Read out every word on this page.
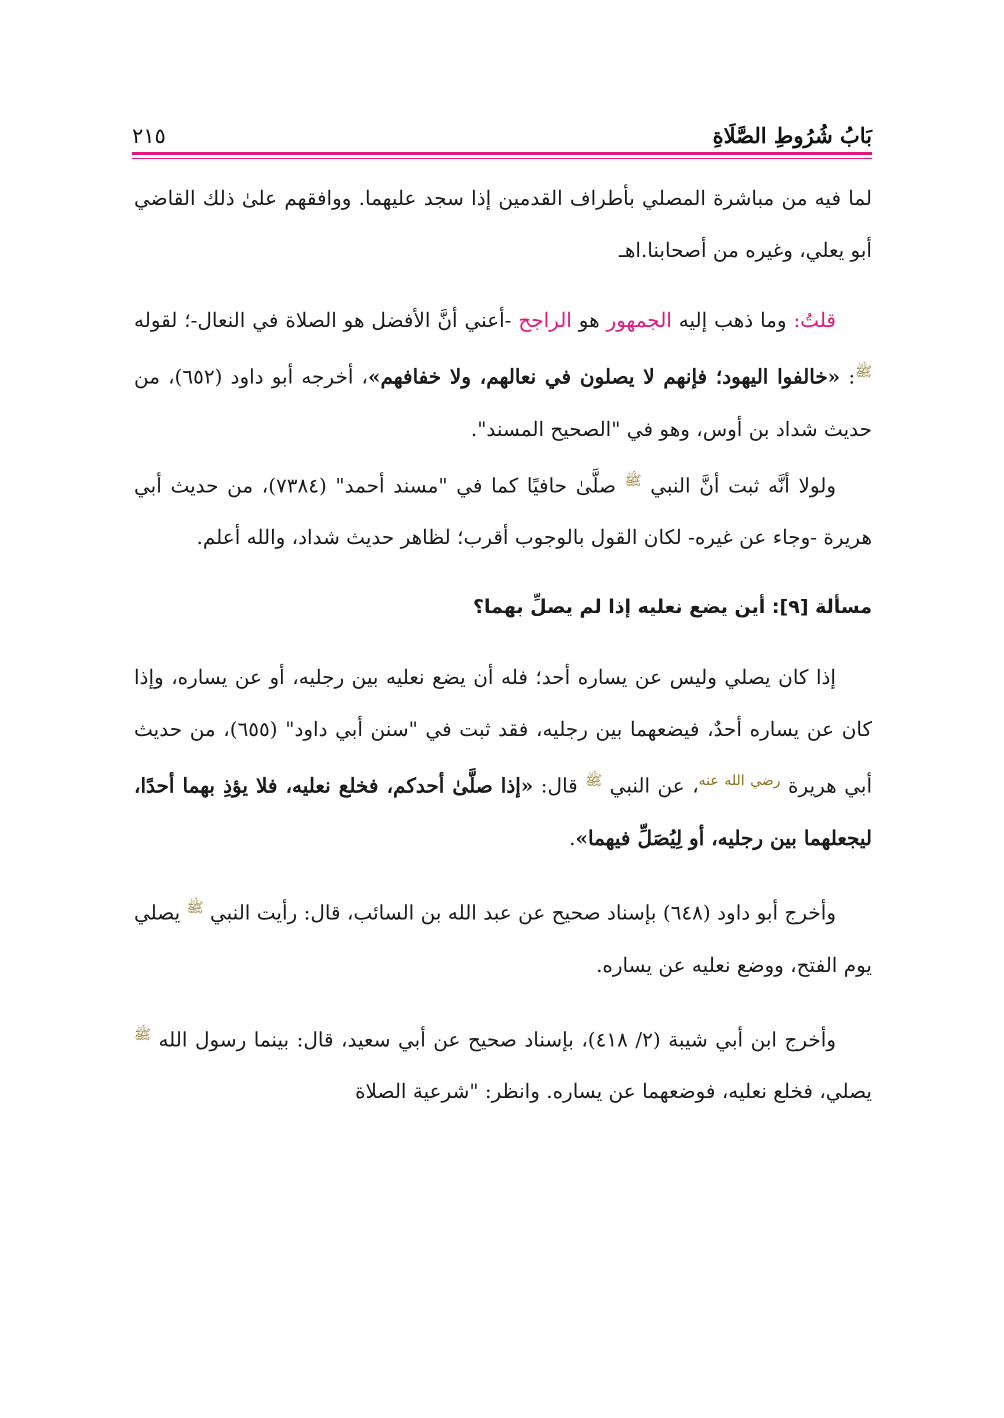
بَابُ شُرُوطِ الصَّلَاةِ
٢١٥

لما فيه من مباشرة المصلي بأطراف القدمين إذا سجد عليهما. ووافقهم علىٰ ذلك القاضي أبو يعلي، وغيره من أصحابنا.اهـ

قلتُ: وما ذهب إليه الجمهور هو الراجح -أعني أنَّ الأفضل هو الصلاة في النعال-؛ لقوله $^ﷺ$: «خالفوا اليهود؛ فإنهم لا يصلون في نعالهم، ولا خفافهم»، أخرجه أبو داود (٦٥٢)، من حديث شداد بن أوس، وهو في "الصحيح المسند".

ولولا أنَّه ثبت أنَّ النبي $^ﷺ$ صلَّىٰ حافيًا كما في "مسند أحمد" (٧٣٨٤)، من حديث أبي هريرة -وجاء عن غيره- لكان القول بالوجوب أقرب؛ لظاهر حديث شداد، والله أعلم.

مسألة [٩]: أين يضع نعليه إذا لم يصلِّ بهما؟

إذا كان يصلي وليس عن يساره أحد؛ فله أن يضع نعليه بين رجليه، أو عن يساره، وإذا كان عن يساره أحدٌ، فيضعهما بين رجليه، فقد ثبت في "سنن أبي داود" (٦٥٥)، من حديث أبي هريرة $^{رضي الله عنه}$، عن النبي $^ﷺ$ قال: «إذا صلَّىٰ أحدكم، فخلع نعليه، فلا يؤذِ بهما أحدًا، ليجعلهما بين رجليه، أو لِيُصَلِّ فيهما».

وأخرج أبو داود (٦٤٨) بإسناد صحيح عن عبد الله بن السائب، قال: رأيت النبي $^ﷺ$ يصلي يوم الفتح، ووضع نعليه عن يساره.

وأخرج ابن أبي شيبة (٢/ ٤١٨)، بإسناد صحيح عن أبي سعيد، قال: بينما رسول الله $^ﷺ$ يصلي، فخلع نعليه، فوضعهما عن يساره. وانظر: "شرعية الصلاة
